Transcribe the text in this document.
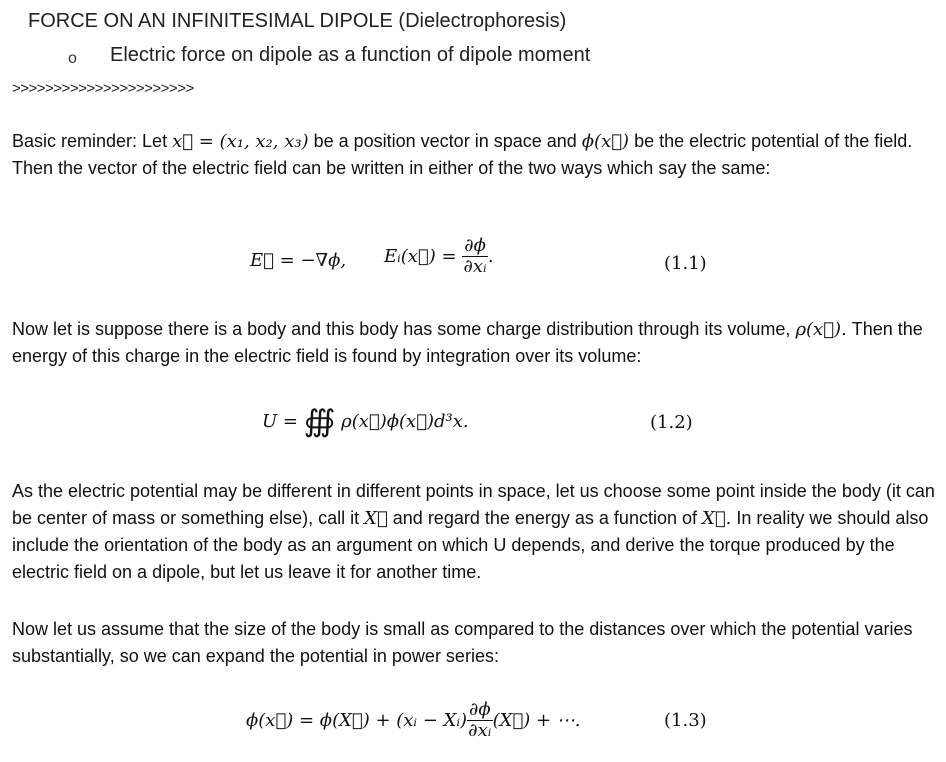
FORCE ON AN INFINITESIMAL DIPOLE (Dielectrophoresis)
o Electric force on dipole as a function of dipole moment
>>>>>>>>>>>>>>>>>>>>>>
Basic reminder: Let x⃗ = (x₁, x₂, x₃) be a position vector in space and ϕ(x⃗) be the electric potential of the field. Then the vector of the electric field can be written in either of the two ways which say the same:
E⃗ = −∇ϕ, Eᵢ(x⃗) = $\frac{\partial\phi}{\text{∂xᵢ}}$ .	(1.1)
Now let is suppose there is a body and this body has some charge distribution through its volume, ρ(x⃗). Then the energy of this charge in the electric field is found by integration over its volume:
U = ∰ ρ(x⃗)ϕ(x⃗)d³x.	(1.2)
As the electric potential may be different in different points in space, let us choose some point inside the body (it can be center of mass or something else), call it X⃗ and regard the energy as a function of X⃗. In reality we should also include the orientation of the body as an argument on which U depends, and derive the torque produced by the electric field on a dipole, but let us leave it for another time.
Now let us assume that the size of the body is small as compared to the distances over which the potential varies substantially, so we can expand the potential in power series:
ϕ(x⃗) = ϕ(X⃗) + (xᵢ − Xᵢ) $\frac{\partial\phi}{\text{∂xᵢ}}$ (X⃗) + ⋯.	(1.3)
